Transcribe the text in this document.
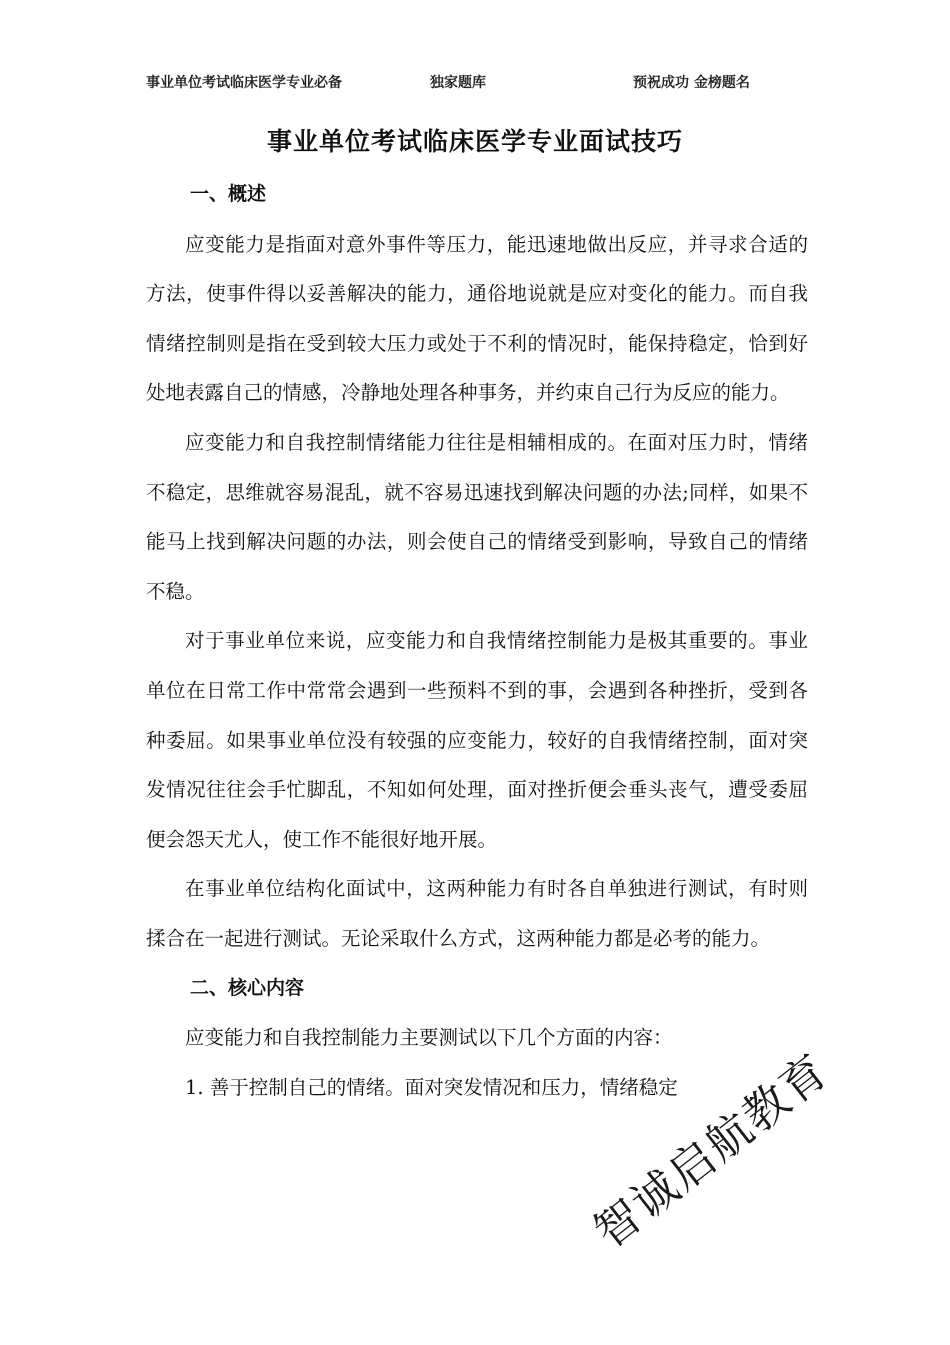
事业单位考试临床医学专业必备	独家题库	预祝成功 金榜题名
事业单位考试临床医学专业面试技巧
一、概述

应变能力是指面对意外事件等压力，能迅速地做出反应，并寻求合适的方法，使事件得以妥善解决的能力，通俗地说就是应对变化的能力。而自我情绪控制则是指在受到较大压力或处于不利的情况时，能保持稳定，恰到好处地表露自己的情感，冷静地处理各种事务，并约束自己行为反应的能力。

应变能力和自我控制情绪能力往往是相辅相成的。在面对压力时，情绪不稳定，思维就容易混乱，就不容易迅速找到解决问题的办法;同样，如果不能马上找到解决问题的办法，则会使自己的情绪受到影响，导致自己的情绪不稳。

对于事业单位来说，应变能力和自我情绪控制能力是极其重要的。事业单位在日常工作中常常会遇到一些预料不到的事，会遇到各种挫折，受到各种委屈。如果事业单位没有较强的应变能力，较好的自我情绪控制，面对突发情况往往会手忙脚乱，不知如何处理，面对挫折便会垂头丧气，遭受委屈便会怨天尤人，使工作不能很好地开展。

在事业单位结构化面试中，这两种能力有时各自单独进行测试，有时则揉合在一起进行测试。无论采取什么方式，这两种能力都是必考的能力。

二、核心内容

应变能力和自我控制能力主要测试以下几个方面的内容：

1. 善于控制自己的情绪。面对突发情况和压力，情绪稳定

智诚启航教育
